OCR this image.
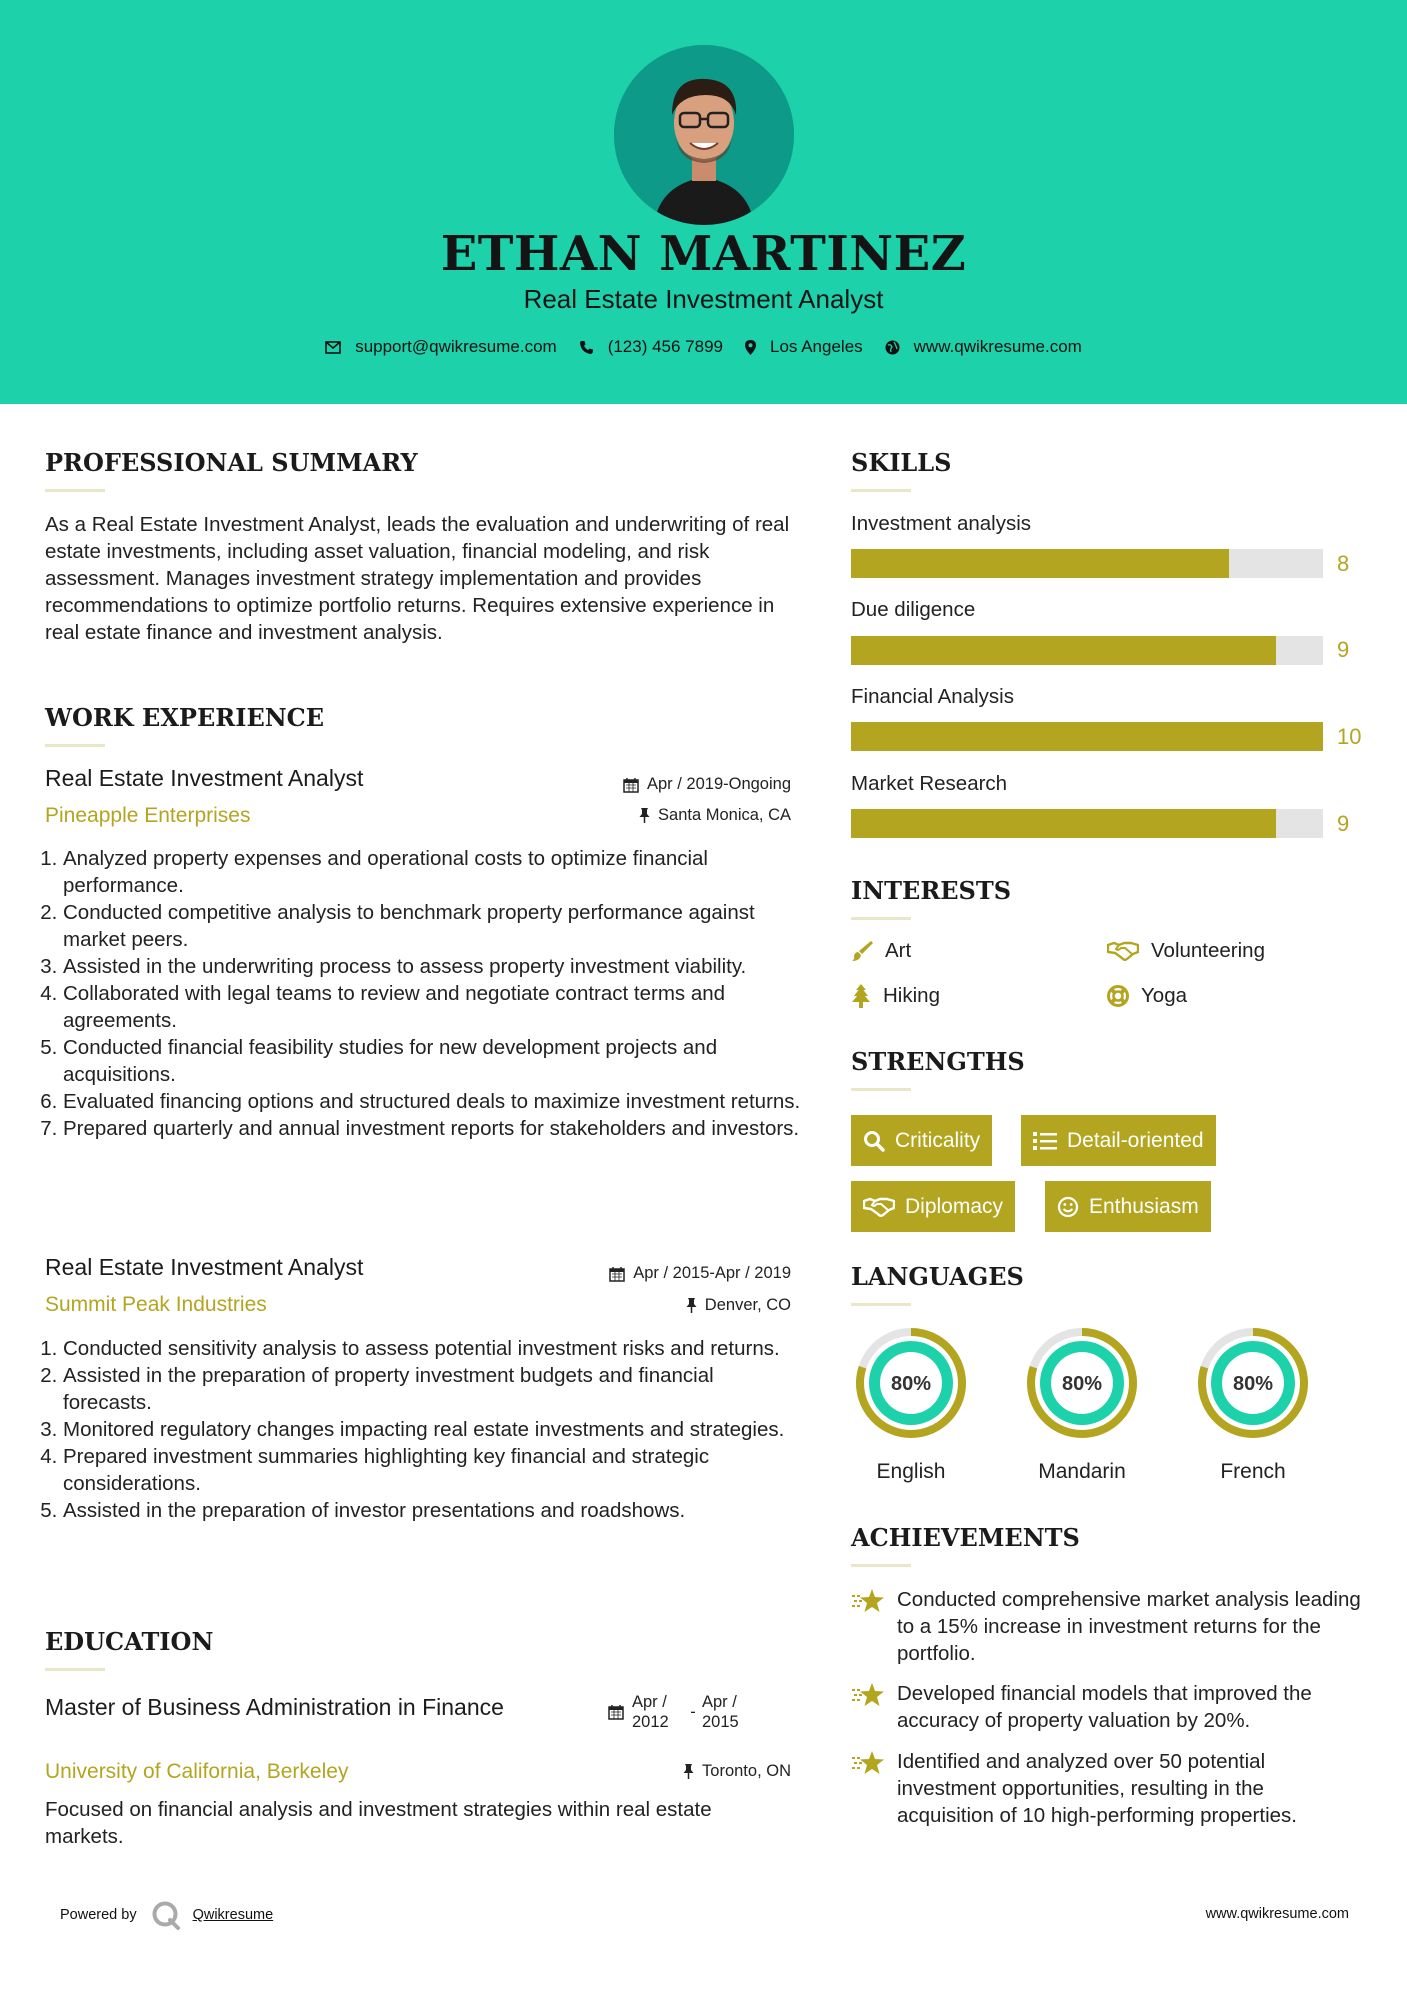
ETHAN MARTINEZ
Real Estate Investment Analyst
support@qwikresume.com	(123) 456 7899	Los Angeles	www.qwikresume.com
PROFESSIONAL SUMMARY
As a Real Estate Investment Analyst, leads the evaluation and underwriting of real estate investments, including asset valuation, financial modeling, and risk assessment. Manages investment strategy implementation and provides recommendations to optimize portfolio returns. Requires extensive experience in real estate finance and investment analysis.
WORK EXPERIENCE
Real Estate Investment Analyst
Pineapple Enterprises
Apr / 2019-Ongoing
Santa Monica, CA
1. Analyzed property expenses and operational costs to optimize financial performance.
2. Conducted competitive analysis to benchmark property performance against market peers.
3. Assisted in the underwriting process to assess property investment viability.
4. Collaborated with legal teams to review and negotiate contract terms and agreements.
5. Conducted financial feasibility studies for new development projects and acquisitions.
6. Evaluated financing options and structured deals to maximize investment returns.
7. Prepared quarterly and annual investment reports for stakeholders and investors.
Real Estate Investment Analyst
Summit Peak Industries
Apr / 2015-Apr / 2019
Denver, CO
1. Conducted sensitivity analysis to assess potential investment risks and returns.
2. Assisted in the preparation of property investment budgets and financial forecasts.
3. Monitored regulatory changes impacting real estate investments and strategies.
4. Prepared investment summaries highlighting key financial and strategic considerations.
5. Assisted in the preparation of investor presentations and roadshows.
EDUCATION
Master of Business Administration in Finance	Apr / 2012
-
Apr / 2015
University of California, Berkeley	Toronto, ON
Focused on financial analysis and investment strategies within real estate markets.
SKILLS
Investment analysis
8
Due diligence
9
Financial Analysis
10
Market Research
9
INTERESTS
Art	Volunteering
Hiking	Yoga
STRENGTHS
Criticality	Detail-oriented
Diplomacy	Enthusiasm
LANGUAGES
80%
English
80%
Mandarin
80%
French
ACHIEVEMENTS
Conducted comprehensive market analysis leading to a 15% increase in investment returns for the portfolio.
Developed financial models that improved the accuracy of property valuation by 20%.
Identified and analyzed over 50 potential investment opportunities, resulting in the acquisition of 10 high-performing properties.
Powered by	Qwikresume	www.qwikresume.com
